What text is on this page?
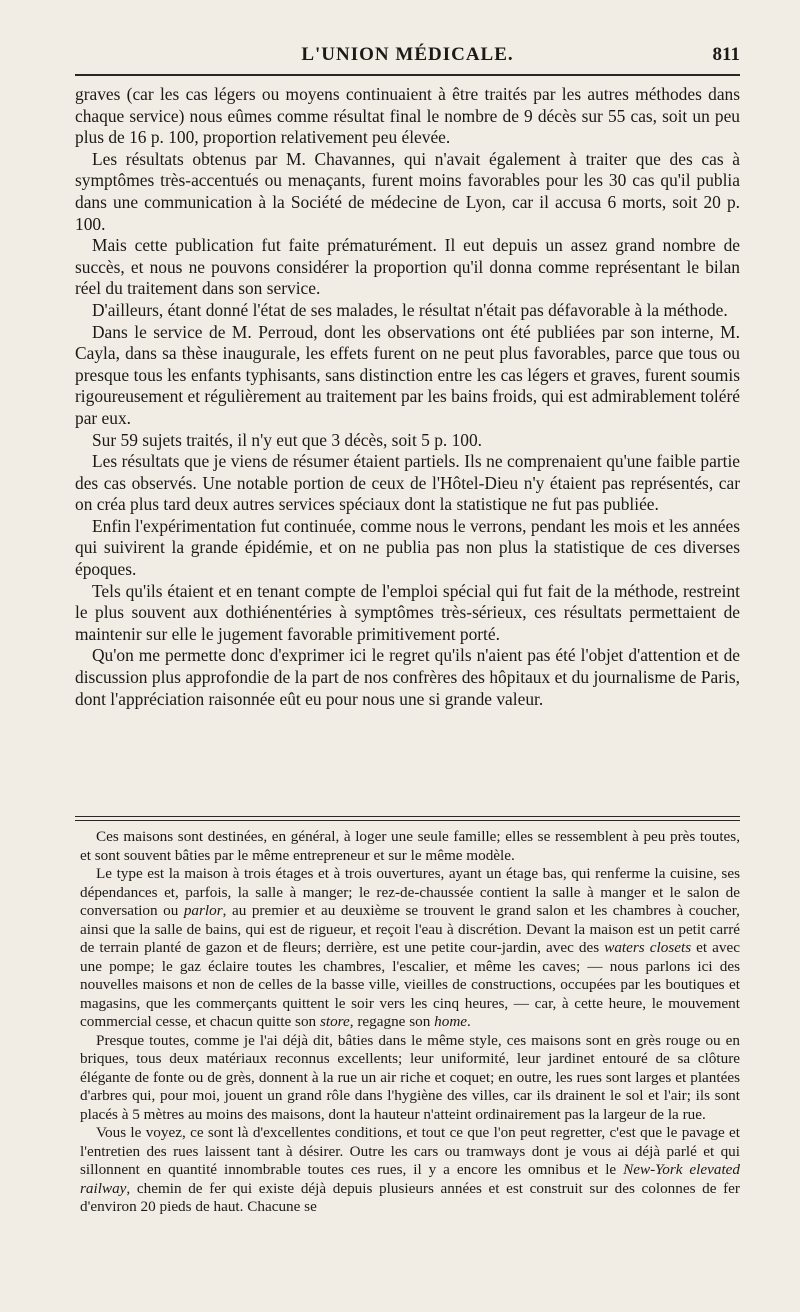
L'UNION MÉDICALE.	811

graves (car les cas légers ou moyens continuaient à être traités par les autres méthodes dans chaque service) nous eûmes comme résultat final le nombre de 9 décès sur 55 cas, soit un peu plus de 16 p. 100, proportion relativement peu élevée.

Les résultats obtenus par M. Chavannes, qui n'avait également à traiter que des cas à symptômes très-accentués ou menaçants, furent moins favorables pour les 30 cas qu'il publia dans une communication à la Société de médecine de Lyon, car il accusa 6 morts, soit 20 p. 100.

Mais cette publication fut faite prématurément. Il eut depuis un assez grand nombre de succès, et nous ne pouvons considérer la proportion qu'il donna comme représentant le bilan réel du traitement dans son service.

D'ailleurs, étant donné l'état de ses malades, le résultat n'était pas défavorable à la méthode.

Dans le service de M. Perroud, dont les observations ont été publiées par son interne, M. Cayla, dans sa thèse inaugurale, les effets furent on ne peut plus favorables, parce que tous ou presque tous les enfants typhisants, sans distinction entre les cas légers et graves, furent soumis rigoureusement et régulièrement au traitement par les bains froids, qui est admirablement toléré par eux.

Sur 59 sujets traités, il n'y eut que 3 décès, soit 5 p. 100.

Les résultats que je viens de résumer étaient partiels. Ils ne comprenaient qu'une faible partie des cas observés. Une notable portion de ceux de l'Hôtel-Dieu n'y étaient pas représentés, car on créa plus tard deux autres services spéciaux dont la statistique ne fut pas publiée.

Enfin l'expérimentation fut continuée, comme nous le verrons, pendant les mois et les années qui suivirent la grande épidémie, et on ne publia pas non plus la statistique de ces diverses époques.

Tels qu'ils étaient et en tenant compte de l'emploi spécial qui fut fait de la méthode, restreint le plus souvent aux dothiénentéries à symptômes très-sérieux, ces résultats permettaient de maintenir sur elle le jugement favorable primitivement porté.

Qu'on me permette donc d'exprimer ici le regret qu'ils n'aient pas été l'objet d'attention et de discussion plus approfondie de la part de nos confrères des hôpitaux et du journalisme de Paris, dont l'appréciation raisonnée eût eu pour nous une si grande valeur.

Ces maisons sont destinées, en général, à loger une seule famille; elles se ressemblent à peu près toutes, et sont souvent bâties par le même entrepreneur et sur le même modèle.

Le type est la maison à trois étages et à trois ouvertures, ayant un étage bas, qui renferme la cuisine, ses dépendances et, parfois, la salle à manger; le rez-de-chaussée contient la salle à manger et le salon de conversation ou parlor, au premier et au deuxième se trouvent le grand salon et les chambres à coucher, ainsi que la salle de bains, qui est de rigueur, et reçoit l'eau à discrétion. Devant la maison est un petit carré de terrain planté de gazon et de fleurs; derrière, est une petite cour-jardin, avec des waters closets et avec une pompe; le gaz éclaire toutes les chambres, l'escalier, et même les caves; — nous parlons ici des nouvelles maisons et non de celles de la basse ville, vieilles de constructions, occupées par les boutiques et magasins, que les commerçants quittent le soir vers les cinq heures, — car, à cette heure, le mouvement commercial cesse, et chacun quitte son store, regagne son home.

Presque toutes, comme je l'ai déjà dit, bâties dans le même style, ces maisons sont en grès rouge ou en briques, tous deux matériaux reconnus excellents; leur uniformité, leur jardinet entouré de sa clôture élégante de fonte ou de grès, donnent à la rue un air riche et coquet; en outre, les rues sont larges et plantées d'arbres qui, pour moi, jouent un grand rôle dans l'hygiène des villes, car ils drainent le sol et l'air; ils sont placés à 5 mètres au moins des maisons, dont la hauteur n'atteint ordinairement pas la largeur de la rue.

Vous le voyez, ce sont là d'excellentes conditions, et tout ce que l'on peut regretter, c'est que le pavage et l'entretien des rues laissent tant à désirer. Outre les cars ou tramways dont je vous ai déjà parlé et qui sillonnent en quantité innombrable toutes ces rues, il y a encore les omnibus et le New-York elevated railway, chemin de fer qui existe déjà depuis plusieurs années et est construit sur des colonnes de fer d'environ 20 pieds de haut. Chacune se
